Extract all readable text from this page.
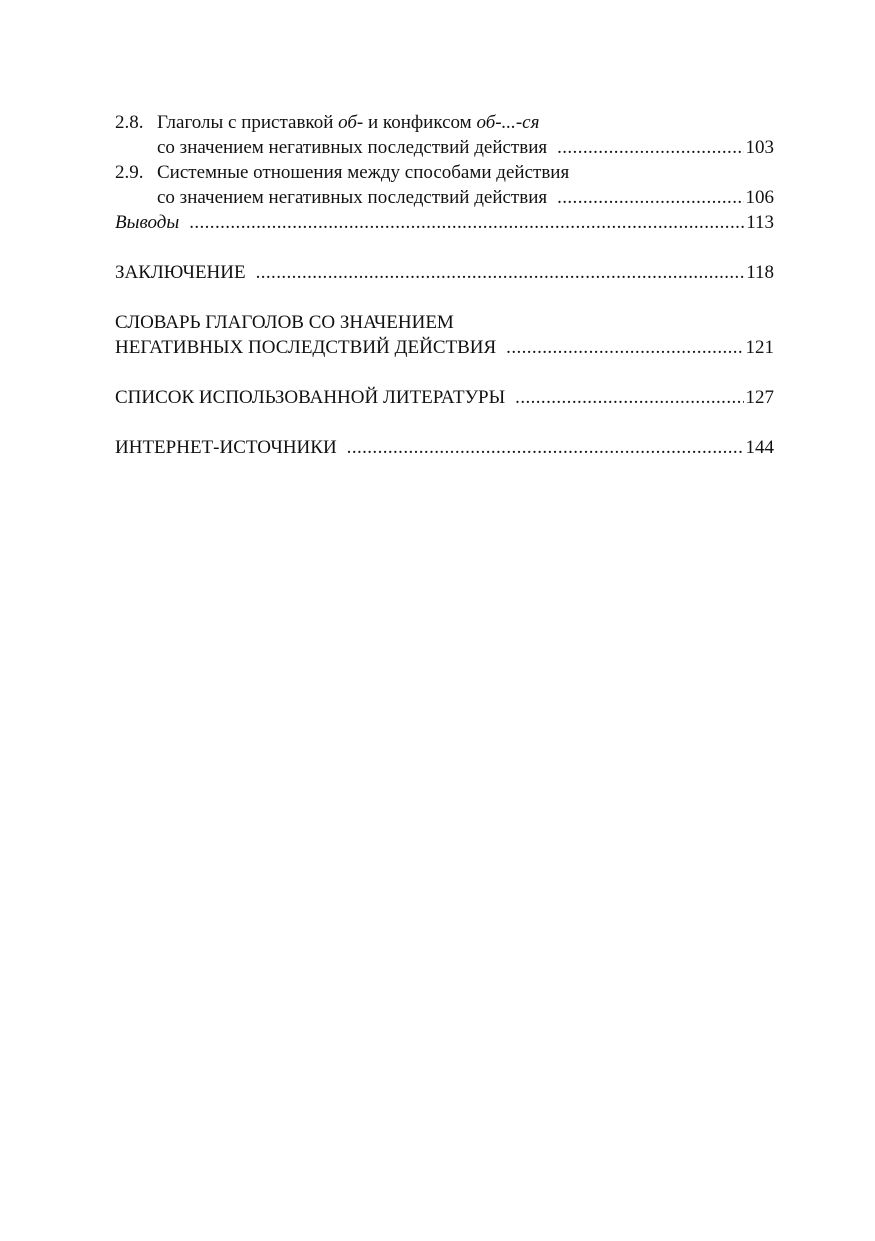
2.8. Глаголы с приставкой об- и конфиксом об-...-ся
со значением негативных последствий действия .....	103
2.9. Системные отношения между способами действия
со значением негативных последствий действия .....	106
Выводы .....	113
ЗАКЛЮЧЕНИЕ .....	118
СЛОВАРЬ ГЛАГОЛОВ СО ЗНАЧЕНИЕМ
НЕГАТИВНЫХ ПОСЛЕДСТВИЙ ДЕЙСТВИЯ .....	121
СПИСОК ИСПОЛЬЗОВАННОЙ ЛИТЕРАТУРЫ .....	127
ИНТЕРНЕТ-ИСТОЧНИКИ .....	144
